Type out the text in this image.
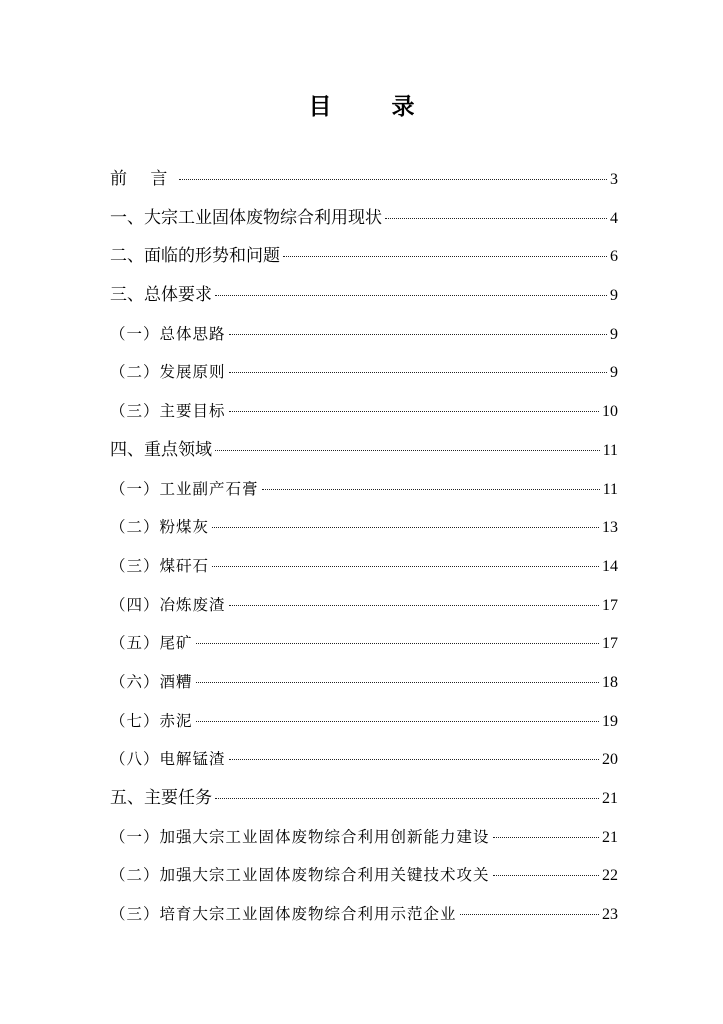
目 录
前 言	3
一、大宗工业固体废物综合利用现状	4
二、面临的形势和问题	6
三、总体要求	9
（一）总体思路	9
（二）发展原则	9
（三）主要目标	10
四、重点领域	11
（一）工业副产石膏	11
（二）粉煤灰	13
（三）煤矸石	14
（四）冶炼废渣	17
（五）尾矿	17
（六）酒糟	18
（七）赤泥	19
（八）电解锰渣	20
五、主要任务	21
（一）加强大宗工业固体废物综合利用创新能力建设	21
（二）加强大宗工业固体废物综合利用关键技术攻关	22
（三）培育大宗工业固体废物综合利用示范企业	23
